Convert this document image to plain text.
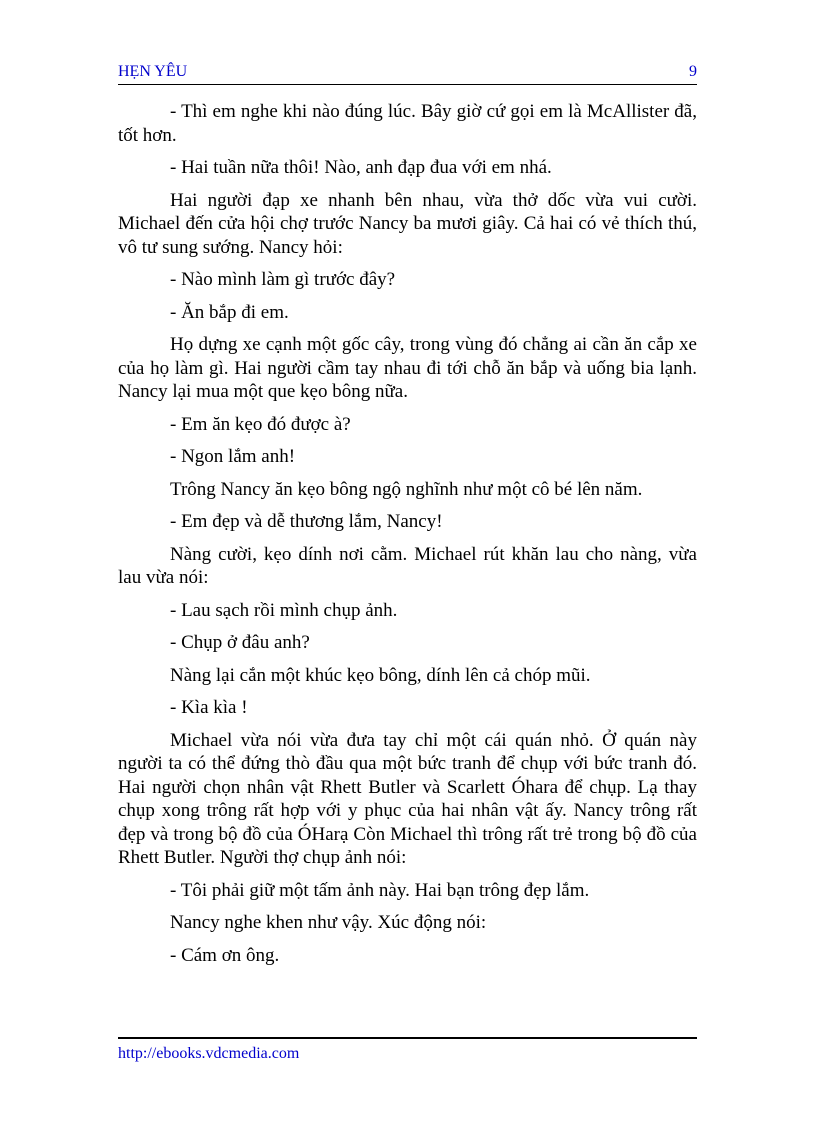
HẸN YÊU	9

- Thì em nghe khi nào đúng lúc. Bây giờ cứ gọi em là McAllister đã, tốt hơn.

- Hai tuần nữa thôi! Nào, anh đạp đua với em nhá.

Hai người đạp xe nhanh bên nhau, vừa thở dốc vừa vui cười. Michael đến cửa hội chợ trước Nancy ba mươi giây. Cả hai có vẻ thích thú, vô tư sung sướng. Nancy hỏi:

- Nào mình làm gì trước đây?

- Ăn bắp đi em.

Họ dựng xe cạnh một gốc cây, trong vùng đó chẳng ai cần ăn cắp xe của họ làm gì. Hai người cầm tay nhau đi tới chỗ ăn bắp và uống bia lạnh. Nancy lại mua một que kẹo bông nữa.

- Em ăn kẹo đó được à?

- Ngon lắm anh!

Trông Nancy ăn kẹo bông ngộ nghĩnh như một cô bé lên năm.

- Em đẹp và dễ thương lắm, Nancy!

Nàng cười, kẹo dính nơi cằm. Michael rút khăn lau cho nàng, vừa lau vừa nói:

- Lau sạch rồi mình chụp ảnh.

- Chụp ở đâu anh?

Nàng lại cắn một khúc kẹo bông, dính lên cả chóp mũi.

- Kìa kìa !

Michael vừa nói vừa đưa tay chỉ một cái quán nhỏ. Ở quán này người ta có thể đứng thò đầu qua một bức tranh để chụp với bức tranh đó. Hai người chọn nhân vật Rhett Butler và Scarlett Óhara để chụp. Lạ thay chụp xong trông rất hợp với y phục của hai nhân vật ấy. Nancy trông rất đẹp và trong bộ đồ của ÓHarạ Còn Michael thì trông rất trẻ trong bộ đồ của Rhett Butler. Người thợ chụp ảnh nói:

- Tôi phải giữ một tấm ảnh này. Hai bạn trông đẹp lắm.

Nancy nghe khen như vậy. Xúc động nói:

- Cám ơn ông.

http://ebooks.vdcmedia.com
